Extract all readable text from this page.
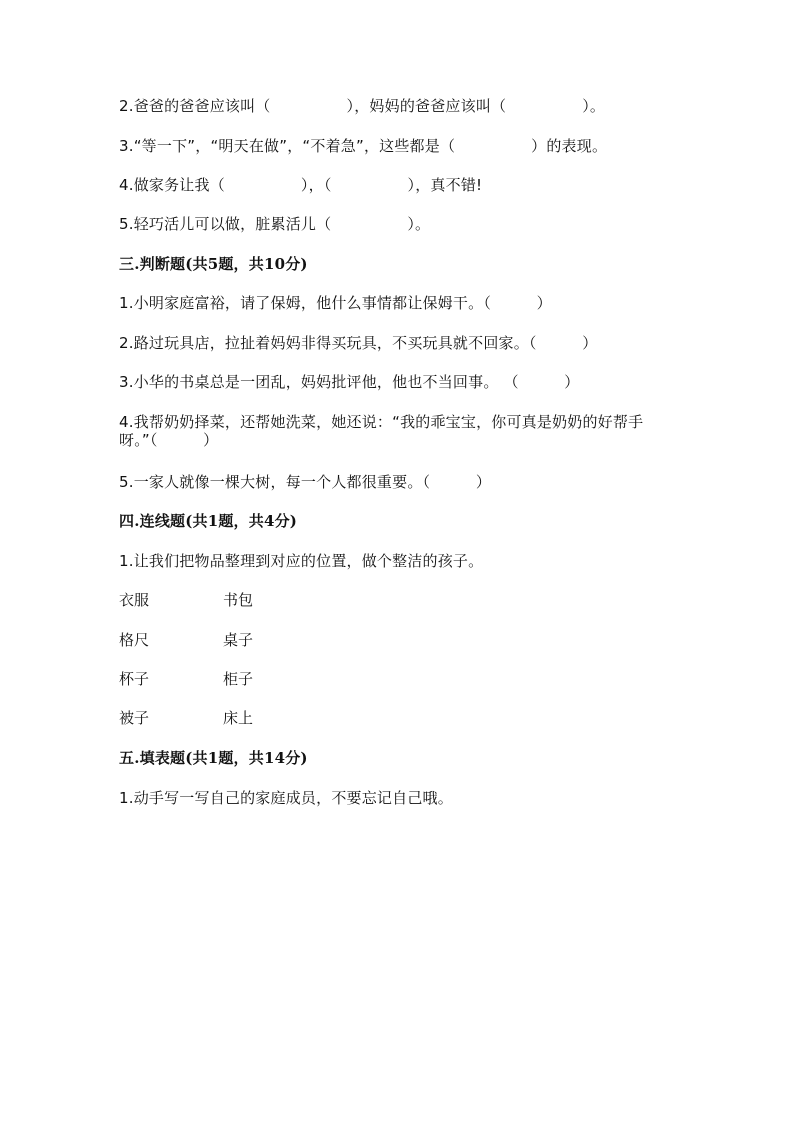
2.爸爸的爸爸应该叫（　　　　　），妈妈的爸爸应该叫（　　　　　）。
3.“等一下”，“明天在做”，“不着急”，这些都是（　　　　　）的表现。
4.做家务让我（　　　　　），（　　　　　），真不错!
5.轻巧活儿可以做，脏累活儿（　　　　　）。
三.判断题(共5题，共10分)
1.小明家庭富裕，请了保姆，他什么事情都让保姆干。（　　　）
2.路过玩具店，拉扯着妈妈非得买玩具，不买玩具就不回家。（　　　）
3.小华的书桌总是一团乱，妈妈批评他，他也不当回事。 （　　　）
4.我帮奶奶择菜，还帮她洗菜，她还说：“我的乖宝宝，你可真是奶奶的好帮手呀。”（　　　）
5.一家人就像一棵大树，每一个人都很重要。（　　　）
四.连线题(共1题，共4分)
1.让我们把物品整理到对应的位置，做个整洁的孩子。
衣服	书包
格尺	桌子
杯子	柜子
被子	床上
五.填表题(共1题，共14分)
1.动手写一写自己的家庭成员，不要忘记自己哦。
